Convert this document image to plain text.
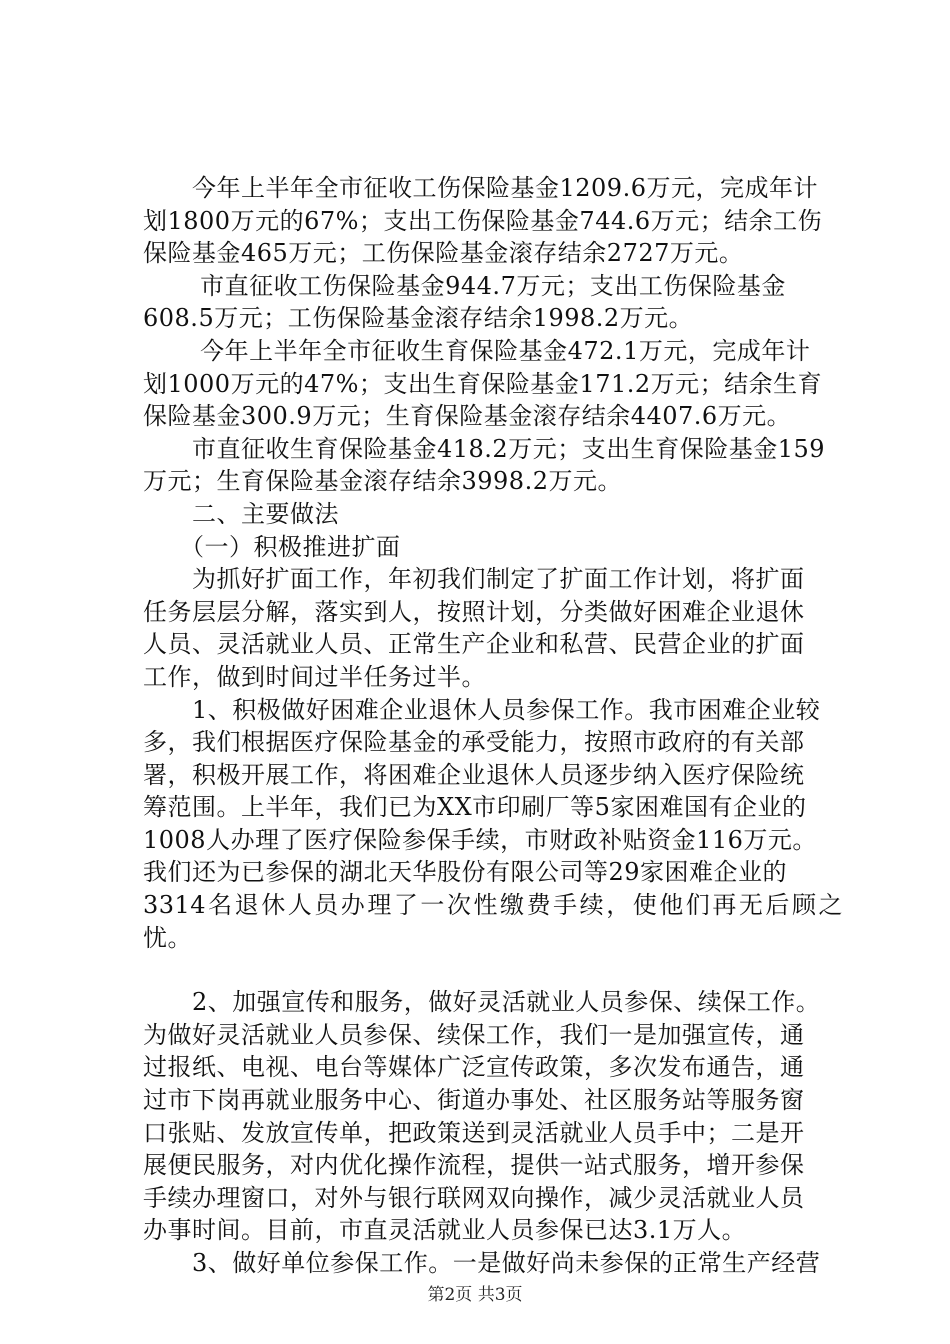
　　今年上半年全市征收工伤保险基金1209.6万元，完成年计

划1800万元的67%；支出工伤保险基金744.6万元；结余工伤

保险基金465万元；工伤保险基金滚存结余2727万元。

　　 市直征收工伤保险基金944.7万元；支出工伤保险基金

608.5万元；工伤保险基金滚存结余1998.2万元。

　　 今年上半年全市征收生育保险基金472.1万元，完成年计

划1000万元的47%；支出生育保险基金171.2万元；结余生育

保险基金300.9万元；生育保险基金滚存结余4407.6万元。

　　市直征收生育保险基金418.2万元；支出生育保险基金159

万元；生育保险基金滚存结余3998.2万元。

　　二、主要做法

　　（一）积极推进扩面

　　为抓好扩面工作，年初我们制定了扩面工作计划，将扩面

任务层层分解，落实到人，按照计划，分类做好困难企业退休

人员、灵活就业人员、正常生产企业和私营、民营企业的扩面

工作，做到时间过半任务过半。

　　1、积极做好困难企业退休人员参保工作。我市困难企业较

多，我们根据医疗保险基金的承受能力，按照市政府的有关部

署，积极开展工作，将困难企业退休人员逐步纳入医疗保险统

筹范围。上半年，我们已为XX市印刷厂等5家困难国有企业的

1008人办理了医疗保险参保手续，市财政补贴资金116万元。

我们还为已参保的湖北天华股份有限公司等29家困难企业的

3314名退休人员办理了一次性缴费手续，使他们再无后顾之忧。

　　2、加强宣传和服务，做好灵活就业人员参保、续保工作。

为做好灵活就业人员参保、续保工作，我们一是加强宣传，通

过报纸、电视、电台等媒体广泛宣传政策，多次发布通告，通

过市下岗再就业服务中心、街道办事处、社区服务站等服务窗

口张贴、发放宣传单，把政策送到灵活就业人员手中；二是开

展便民服务，对内优化操作流程，提供一站式服务，增开参保

手续办理窗口，对外与银行联网双向操作，减少灵活就业人员

办事时间。目前，市直灵活就业人员参保已达3.1万人。

　　3、做好单位参保工作。一是做好尚未参保的正常生产经营

第2页 共3页
